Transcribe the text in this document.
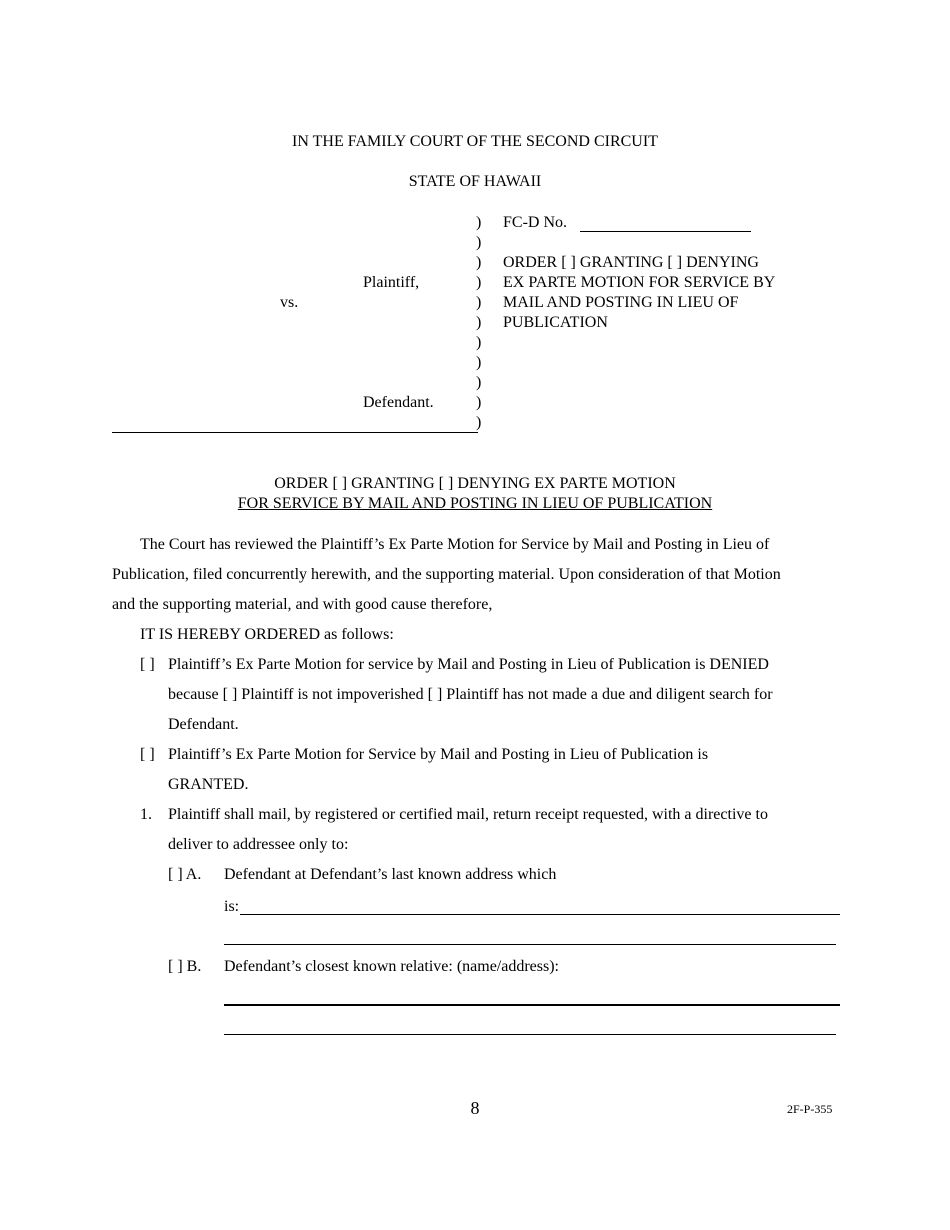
IN THE FAMILY COURT OF THE SECOND CIRCUIT
STATE OF HAWAII
)
)
)
)
)
)
)
)
)
)
)
Plaintiff,
vs.
Defendant.
FC-D No.
ORDER [ ] GRANTING [ ] DENYING
EX PARTE MOTION FOR SERVICE BY
MAIL AND POSTING IN LIEU OF
PUBLICATION
ORDER [ ] GRANTING [ ] DENYING EX PARTE MOTION
FOR SERVICE BY MAIL AND POSTING IN LIEU OF PUBLICATION
The Court has reviewed the Plaintiff’s Ex Parte Motion for Service by Mail and Posting in Lieu of
Publication, filed concurrently herewith, and the supporting material. Upon consideration of that Motion
and the supporting material, and with good cause therefore,
IT IS HEREBY ORDERED as follows:
[ ] Plaintiff’s Ex Parte Motion for service by Mail and Posting in Lieu of Publication is DENIED
because [ ] Plaintiff is not impoverished [ ] Plaintiff has not made a due and diligent search for
Defendant.
[ ] Plaintiff’s Ex Parte Motion for Service by Mail and Posting in Lieu of Publication is
GRANTED.
1. Plaintiff shall mail, by registered or certified mail, return receipt requested, with a directive to
deliver to addressee only to:
[ ] A. Defendant at Defendant’s last known address which
is:
[ ] B. Defendant’s closest known relative: (name/address):
8	2F-P-355
